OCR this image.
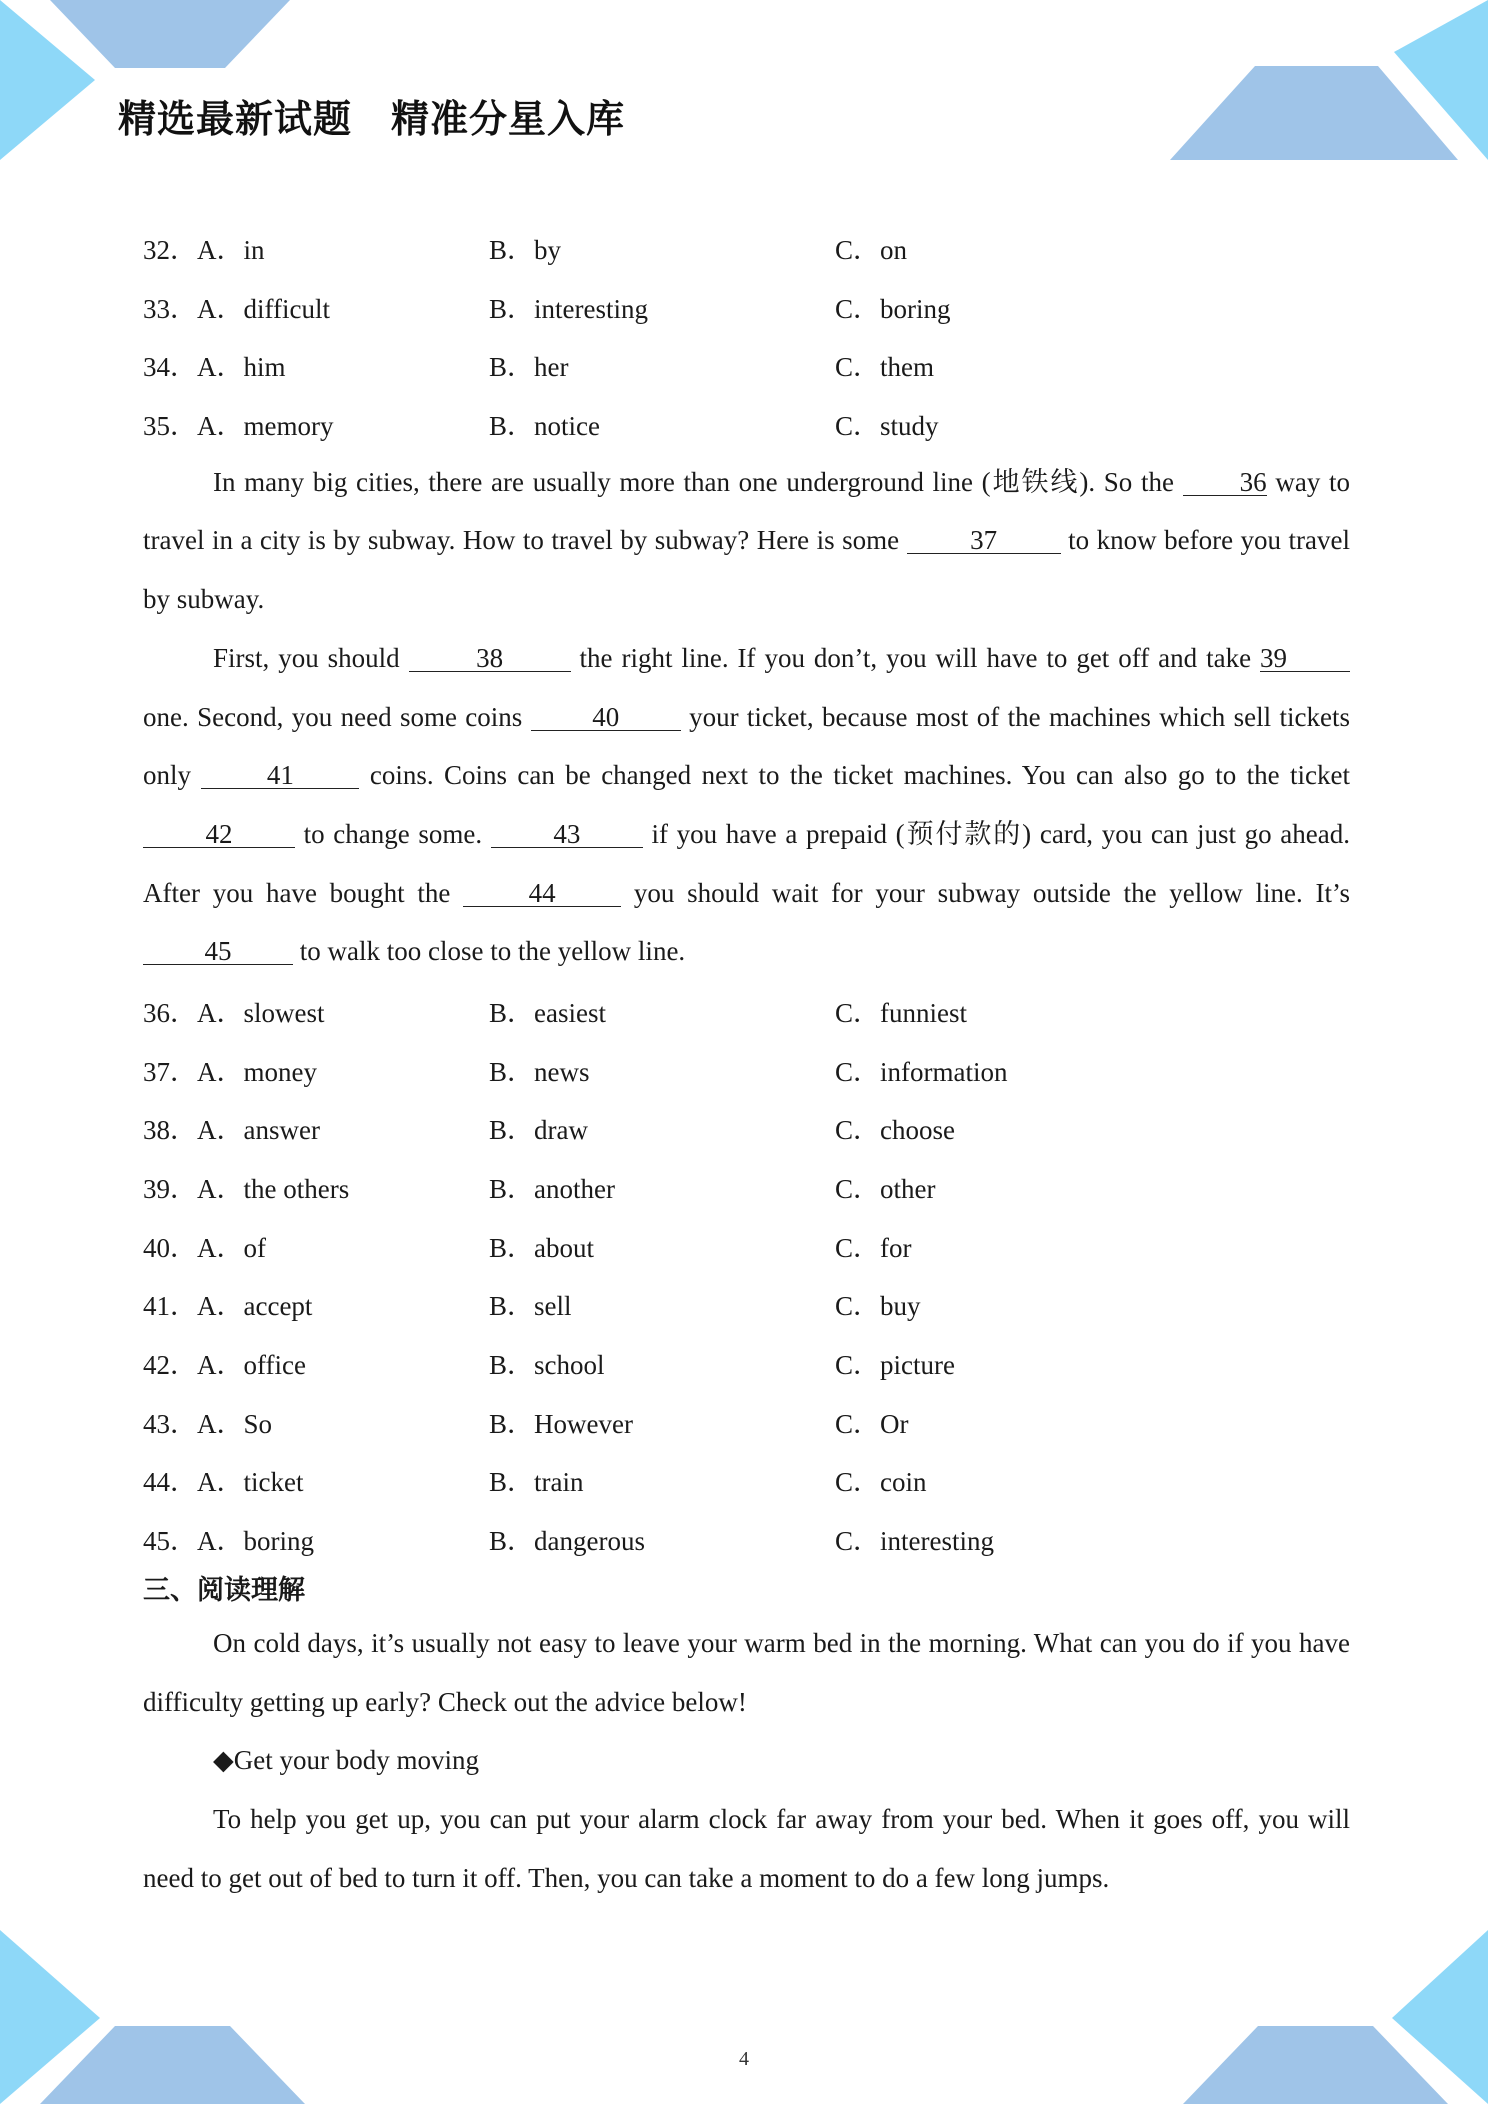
精选最新试题　精准分星入库
32．A．in	B．by	C．on
33．A．difficult	B．interesting	C．boring
34．A．him	B．her	C．them
35．A．memory	B．notice	C．study

In many big cities, there are usually more than one underground line (地铁线). So the 36 way to travel in a city is by subway. How to travel by subway? Here is some 37 to know before you travel by subway.

First, you should	38	the right line. If you don’t, you will have to get off and take 39 one. Second, you need some coins 40 your ticket, because most of the machines which sell tickets only 41 coins. Coins can be changed next to the ticket machines. You can also go to the ticket 42 to change some. 43 if you have a prepaid (预付款的) card, you can just go ahead. After you have bought the 44 you should wait for your subway outside the yellow line. It’s 45 to walk too close to the yellow line.

36．A．slowest	B．easiest	C．funniest
37．A．money	B．news	C．information
38．A．answer	B．draw	C．choose
39．A．the others	B．another	C．other
40．A．of	B．about	C．for
41．A．accept	B．sell	C．buy
42．A．office	B．school	C．picture
43．A．So	B．However	C．Or
44．A．ticket	B．train	C．coin
45．A．boring	B．dangerous	C．interesting
三、阅读理解

On cold days, it’s usually not easy to leave your warm bed in the morning. What can you do if you have difficulty getting up early? Check out the advice below!

◆Get your body moving

To help you get up, you can put your alarm clock far away from your bed. When it goes off, you will need to get out of bed to turn it off. Then, you can take a moment to do a few long jumps.

4
